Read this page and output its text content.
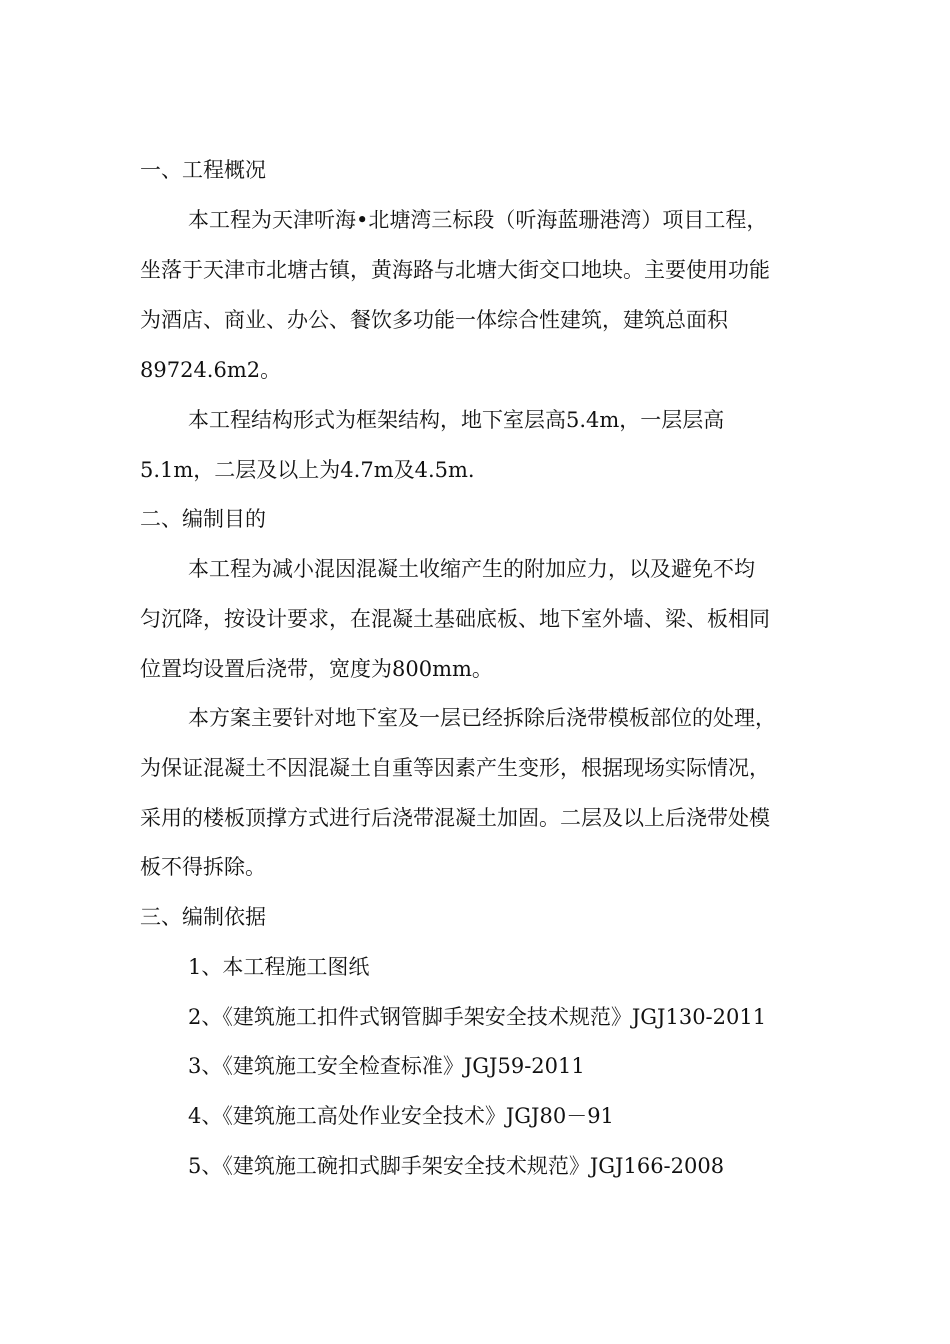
一、工程概况
本工程为天津听海•北塘湾三标段（听海蓝珊港湾）项目工程，
坐落于天津市北塘古镇，黄海路与北塘大街交口地块。主要使用功能
为酒店、商业、办公、餐饮多功能一体综合性建筑，建筑总面积
89724.6m2。
本工程结构形式为框架结构，地下室层高5.4m，一层层高
5.1m，二层及以上为4.7m及4.5m.
二、编制目的
本工程为减小混因混凝土收缩产生的附加应力，以及避免不均
匀沉降，按设计要求，在混凝土基础底板、地下室外墙、梁、板相同
位置均设置后浇带，宽度为800mm。
本方案主要针对地下室及一层已经拆除后浇带模板部位的处理，
为保证混凝土不因混凝土自重等因素产生变形，根据现场实际情况，
采用的楼板顶撑方式进行后浇带混凝土加固。二层及以上后浇带处模
板不得拆除。
三、编制依据
1、本工程施工图纸
2、《建筑施工扣件式钢管脚手架安全技术规范》JGJ130-2011
3、《建筑施工安全检查标准》JGJ59-2011
4、《建筑施工高处作业安全技术》JGJ80－91
5、《建筑施工碗扣式脚手架安全技术规范》JGJ166-2008
